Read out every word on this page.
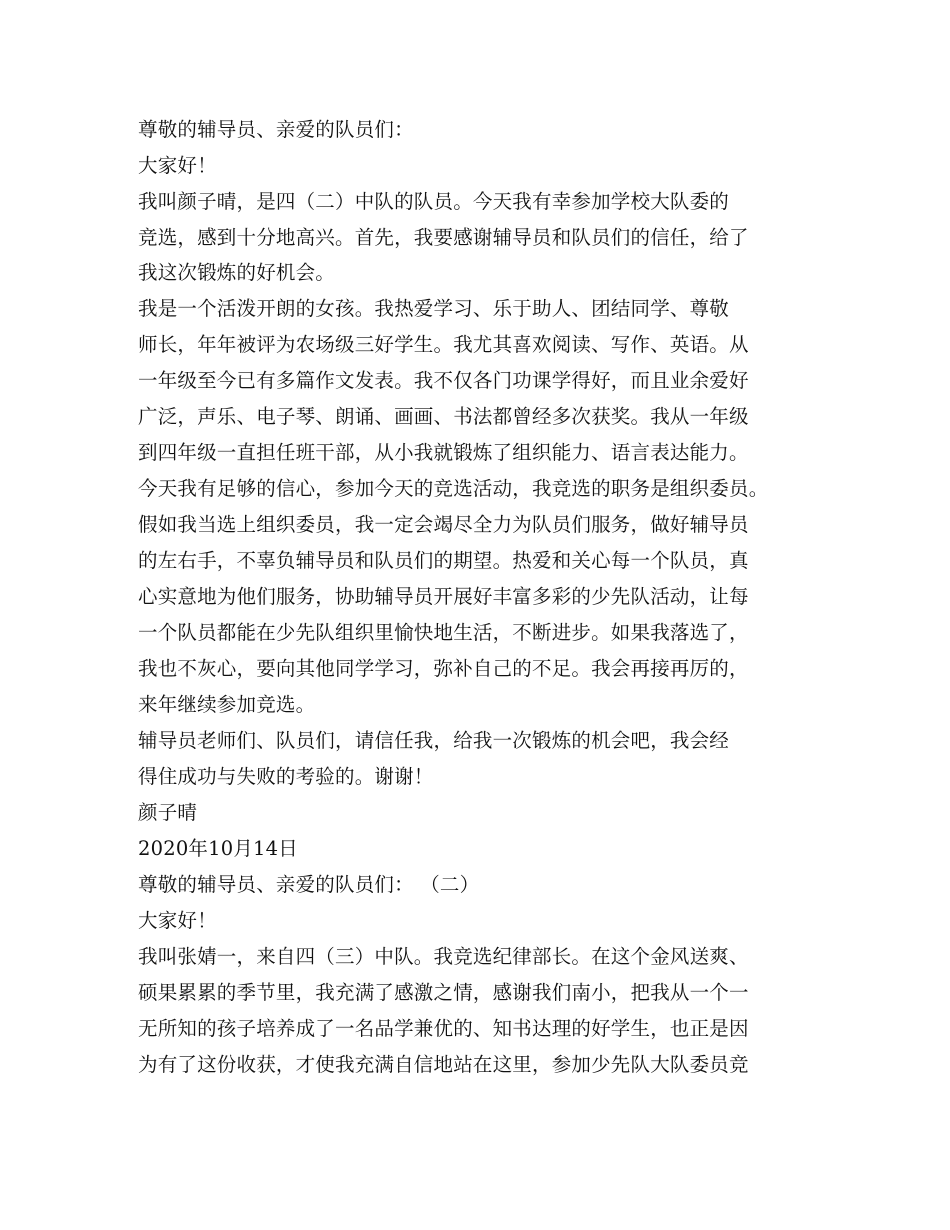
尊敬的辅导员、亲爱的队员们：
大家好！
我叫颜子晴，是四（二）中队的队员。今天我有幸参加学校大队委的
竞选，感到十分地高兴。首先，我要感谢辅导员和队员们的信任，给了
我这次锻炼的好机会。
我是一个活泼开朗的女孩。我热爱学习、乐于助人、团结同学、尊敬
师长，年年被评为农场级三好学生。我尤其喜欢阅读、写作、英语。从
一年级至今已有多篇作文发表。我不仅各门功课学得好，而且业余爱好
广泛，声乐、电子琴、朗诵、画画、书法都曾经多次获奖。我从一年级
到四年级一直担任班干部，从小我就锻炼了组织能力、语言表达能力。
今天我有足够的信心，参加今天的竞选活动，我竞选的职务是组织委员。
假如我当选上组织委员，我一定会竭尽全力为队员们服务，做好辅导员
的左右手，不辜负辅导员和队员们的期望。热爱和关心每一个队员，真
心实意地为他们服务，协助辅导员开展好丰富多彩的少先队活动，让每
一个队员都能在少先队组织里愉快地生活，不断进步。如果我落选了，
我也不灰心，要向其他同学学习，弥补自己的不足。我会再接再厉的，
来年继续参加竞选。
辅导员老师们、队员们，请信任我，给我一次锻炼的机会吧，我会经
得住成功与失败的考验的。谢谢！
颜子晴
2020年10月14日
尊敬的辅导员、亲爱的队员们： （二）
大家好！
我叫张婧一，来自四（三）中队。我竞选纪律部长。在这个金风送爽、
硕果累累的季节里，我充满了感激之情，感谢我们南小，把我从一个一
无所知的孩子培养成了一名品学兼优的、知书达理的好学生，也正是因
为有了这份收获，才使我充满自信地站在这里，参加少先队大队委员竞
